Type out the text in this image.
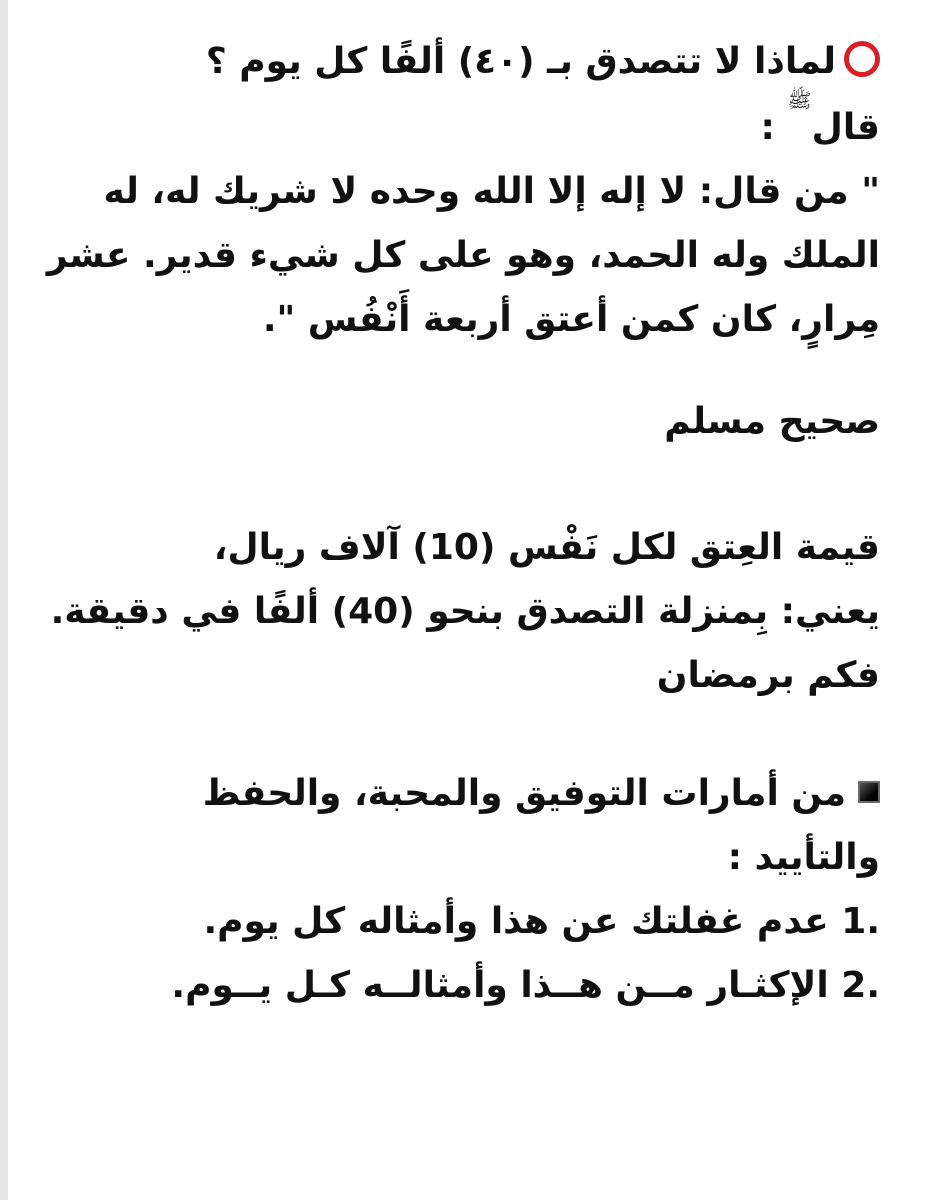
لماذا لا تتصدق بـ (٤٠) ألفًا كل يوم ؟
قالﷺ :
" من قال: لا إله إلا الله وحده لا شريك له، له
الملك وله الحمد، وهو على كل شيء قدير. عشر
مِرارٍ، كان كمن أعتق أربعة أَنْفُس ".
صحيح مسلم
قيمة العِتق لكل نَفْس (10) آلاف ريال،
يعني: بِمنزلة التصدق بنحو (40) ألفًا في دقيقة.
فكم برمضان
من أمارات التوفيق والمحبة، والحفظ
والتأييد :
1. عدم غفلتك عن هذا وأمثاله كل يوم.
2. الإكثـار مــن هــذا وأمثالــه كـل يــوم.
